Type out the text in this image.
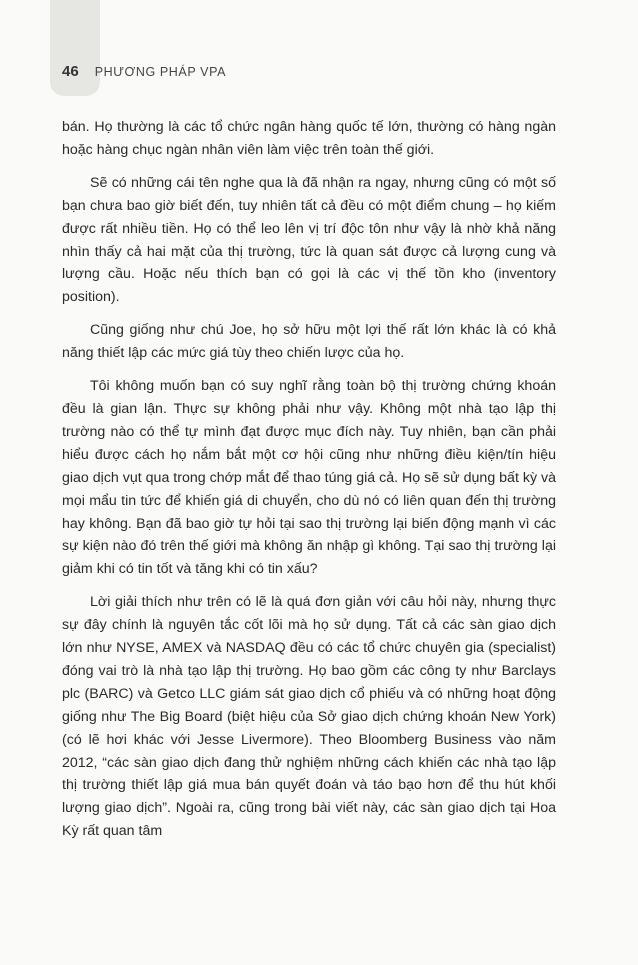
46 PHƯƠNG PHÁP VPA

bán. Họ thường là các tổ chức ngân hàng quốc tế lớn, thường có hàng ngàn hoặc hàng chục ngàn nhân viên làm việc trên toàn thế giới.

Sẽ có những cái tên nghe qua là đã nhận ra ngay, nhưng cũng có một số bạn chưa bao giờ biết đến, tuy nhiên tất cả đều có một điểm chung – họ kiếm được rất nhiều tiền. Họ có thể leo lên vị trí độc tôn như vậy là nhờ khả năng nhìn thấy cả hai mặt của thị trường, tức là quan sát được cả lượng cung và lượng cầu. Hoặc nếu thích bạn có gọi là các vị thế tồn kho (inventory position).

Cũng giống như chú Joe, họ sở hữu một lợi thế rất lớn khác là có khả năng thiết lập các mức giá tùy theo chiến lược của họ.

Tôi không muốn bạn có suy nghĩ rằng toàn bộ thị trường chứng khoán đều là gian lận. Thực sự không phải như vậy. Không một nhà tạo lập thị trường nào có thể tự mình đạt được mục đích này. Tuy nhiên, bạn cần phải hiểu được cách họ nắm bắt một cơ hội cũng như những điều kiện/tín hiệu giao dịch vụt qua trong chớp mắt để thao túng giá cả. Họ sẽ sử dụng bất kỳ và mọi mẩu tin tức để khiến giá di chuyển, cho dù nó có liên quan đến thị trường hay không. Bạn đã bao giờ tự hỏi tại sao thị trường lại biến động mạnh vì các sự kiện nào đó trên thế giới mà không ăn nhập gì không. Tại sao thị trường lại giảm khi có tin tốt và tăng khi có tin xấu?

Lời giải thích như trên có lẽ là quá đơn giản với câu hỏi này, nhưng thực sự đây chính là nguyên tắc cốt lõi mà họ sử dụng. Tất cả các sàn giao dịch lớn như NYSE, AMEX và NASDAQ đều có các tổ chức chuyên gia (specialist) đóng vai trò là nhà tạo lập thị trường. Họ bao gồm các công ty như Barclays plc (BARC) và Getco LLC giám sát giao dịch cổ phiếu và có những hoạt động giống như The Big Board (biệt hiệu của Sở giao dịch chứng khoán New York) (có lẽ hơi khác với Jesse Livermore). Theo Bloomberg Business vào năm 2012, “các sàn giao dịch đang thử nghiệm những cách khiến các nhà tạo lập thị trường thiết lập giá mua bán quyết đoán và táo bạo hơn để thu hút khối lượng giao dịch”. Ngoài ra, cũng trong bài viết này, các sàn giao dịch tại Hoa Kỳ rất quan tâm
